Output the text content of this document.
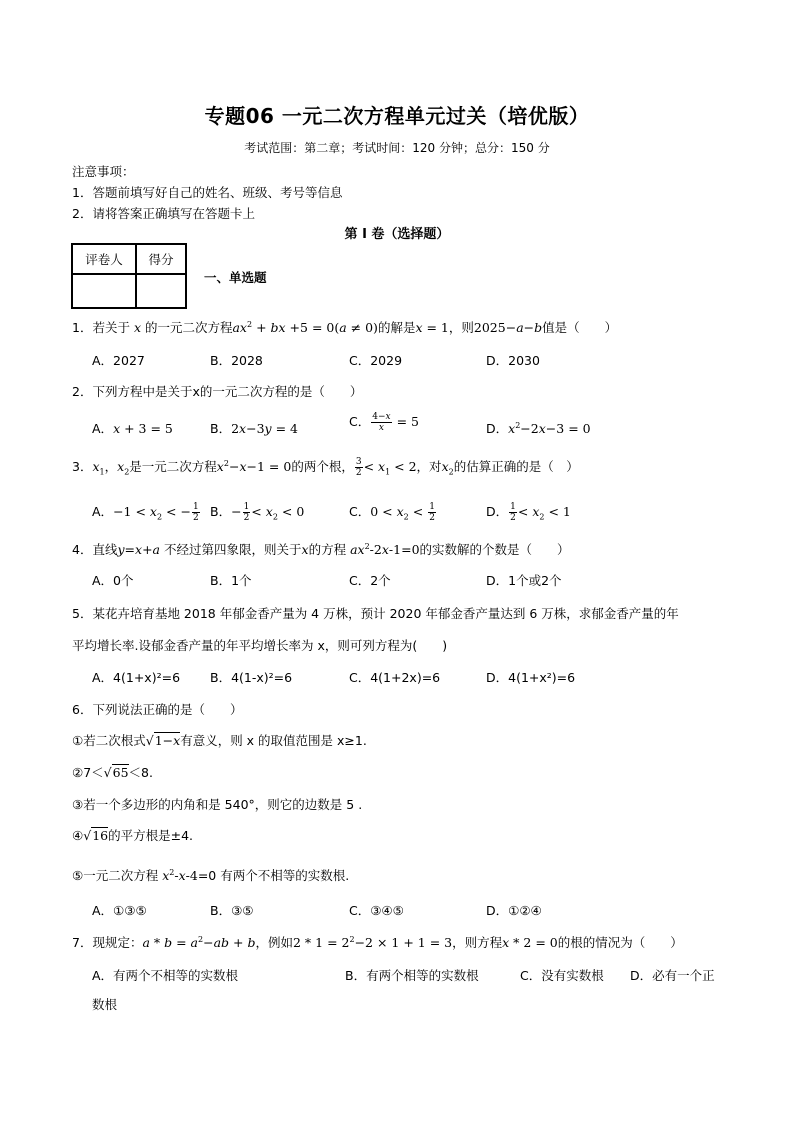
专题06 一元二次方程单元过关（培优版）
考试范围：第二章；考试时间：120 分钟；总分：150 分
注意事项：
1．答题前填写好自己的姓名、班级、考号等信息
2．请将答案正确填写在答题卡上
第 I 卷（选择题）
评卷人	得分

一、单选题
1．若关于 x 的一元二次方程$ax^2$ + bx +5 = 0(a ≠ 0)的解是x = 1，则2025−a−b值是（　　）
A．2027	B．2028	C．2029	D．2030
2．下列方程中是关于x的一元二次方程的是（　　）
A．x + 3 = 5	B．2x−3y = 4	C． $\frac{4-x}{x} = 5$	D．$x^2-2x-3 = 0$
3．$x_1$，$x_2$是一元二次方程$x^2-x-1 = 0$的两个根， $\frac{3}{2} < x_1 < 2$，对$x_2$的估算正确的是（　）
A．$-1 < x_2$ < − $\frac{1}{2}$ B．− $\frac{1}{2} < x_2 < 0$	C．$0 < x_2 < \frac{1}{2}$	D． $\frac{1}{2} < x_2 < 1$
4．直线y=x+a 不经过第四象限，则关于x的方程 $ax^2-2x-1=0$的实数解的个数是（　　）
A．0个	B．1个	C．2个	D．1个或2个
5．某花卉培育基地 2018 年郁金香产量为 4 万株，预计 2020 年郁金香产量达到 6 万株，求郁金香产量的年
平均增长率.设郁金香产量的年平均增长率为 x，则可列方程为(　　)
A．4(1+x)²=6 B．4(1-x)²=6	C．4(1+2x)=6	D．4(1+x²)=6
6．下列说法正确的是（　　）
①若二次根式√1−x有意义，则 x 的取值范围是 x≥1.
②7＜√65＜8.
③若一个多边形的内角和是 540°，则它的边数是 5 .
④√16的平方根是±4.
⑤一元二次方程 $x^2-x-4=0$ 有两个不相等的实数根.
A．①③⑤	B．③⑤	C．③④⑤	D．①②④
7．现规定：$a * b = a^2-ab + b$，例如$2 * 1 = 2^2-2 \times 1 + 1 = 3$，则方程x * 2 = 0的根的情况为（　　）
A．有两个不相等的实数根	B．有两个相等的实数根	C．没有实数根 D．必有一个正
数根
